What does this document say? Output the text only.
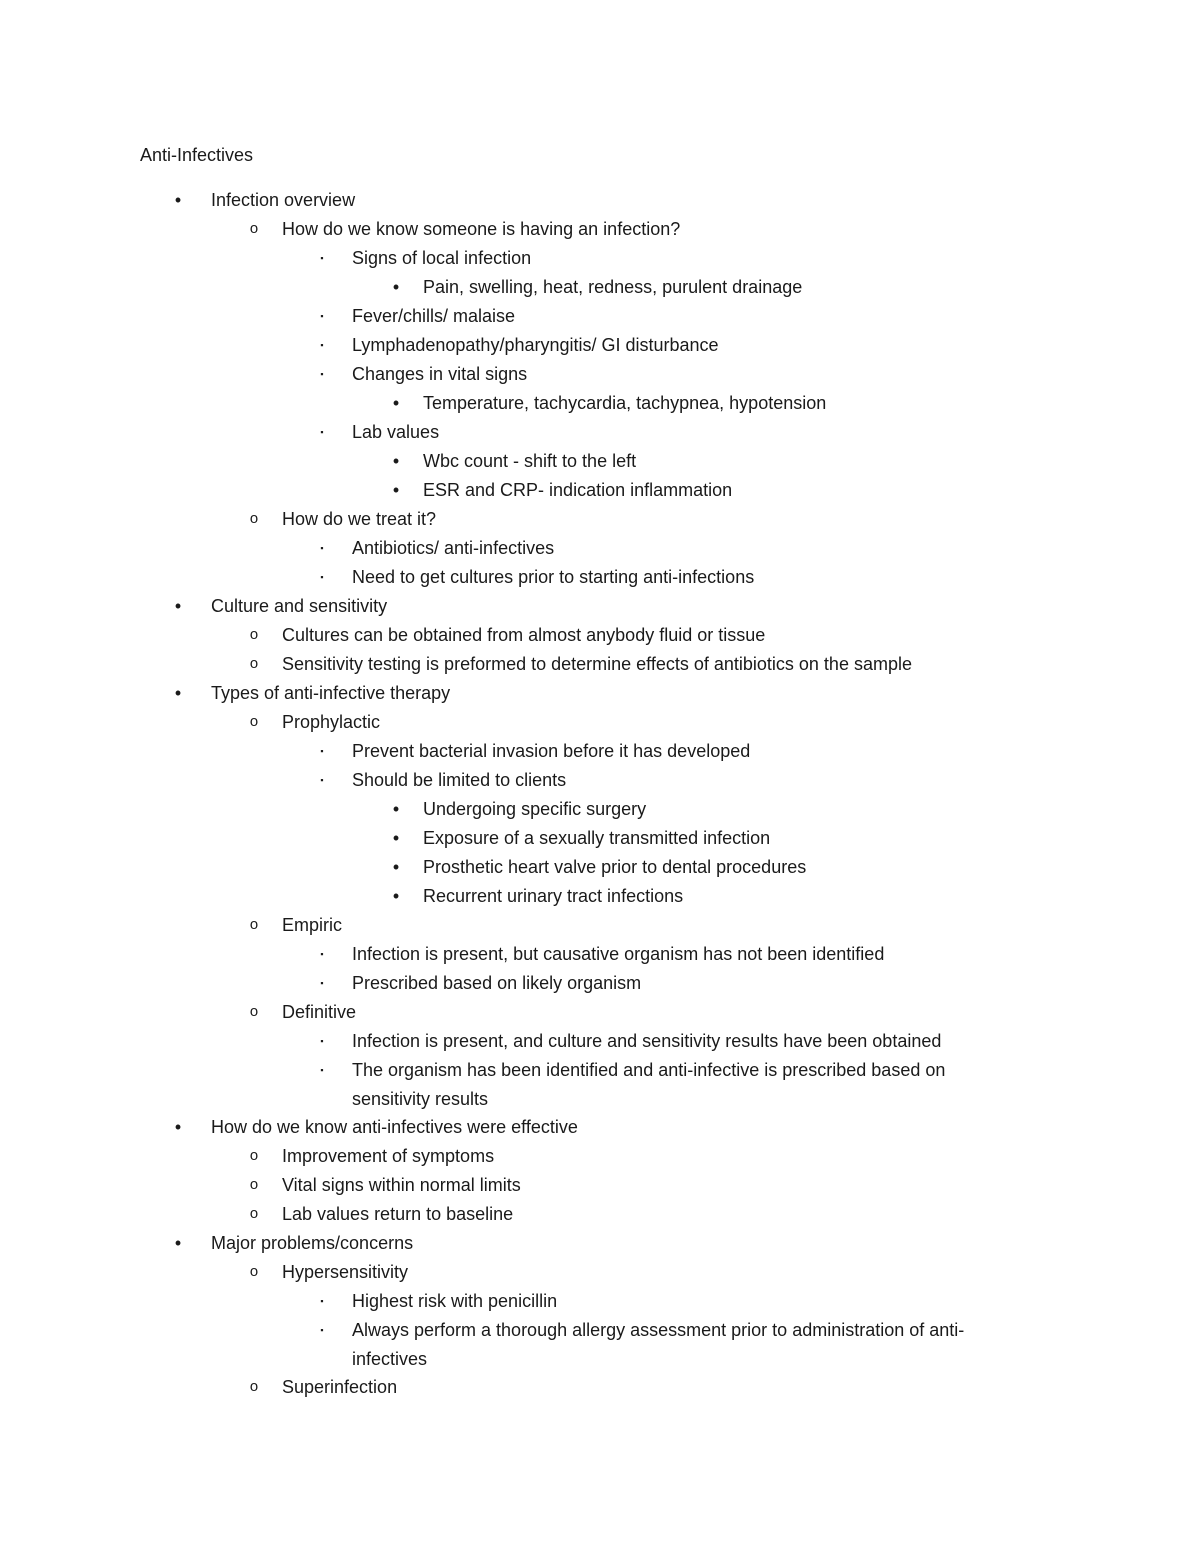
Anti-Infectives
• Infection overview
o How do we know someone is having an infection?
▪	Signs of local infection
• Pain, swelling, heat, redness, purulent drainage
▪	Fever/chills/ malaise
▪	Lymphadenopathy/pharyngitis/ GI disturbance
▪	Changes in vital signs
• Temperature, tachycardia, tachypnea, hypotension
▪	Lab values
• Wbc count - shift to the left
• ESR and CRP- indication inflammation
o How do we treat it?
▪	Antibiotics/ anti-infectives
▪	Need to get cultures prior to starting anti-infections
• Culture and sensitivity
o Cultures can be obtained from almost anybody fluid or tissue
o Sensitivity testing is preformed to determine effects of antibiotics on the sample
• Types of anti-infective therapy
o Prophylactic
▪	Prevent bacterial invasion before it has developed
▪	Should be limited to clients
• Undergoing specific surgery
• Exposure of a sexually transmitted infection
• Prosthetic heart valve prior to dental procedures
• Recurrent urinary tract infections
o Empiric
▪	Infection is present, but causative organism has not been identified
▪	Prescribed based on likely organism
o Definitive
▪	Infection is present, and culture and sensitivity results have been obtained
▪	The organism has been identified and anti-infective is prescribed based on
sensitivity results
• How do we know anti-infectives were effective
o Improvement of symptoms
o Vital signs within normal limits
o Lab values return to baseline
• Major problems/concerns
o Hypersensitivity
▪	Highest risk with penicillin
▪	Always perform a thorough allergy assessment prior to administration of anti-
infectives
o Superinfection
